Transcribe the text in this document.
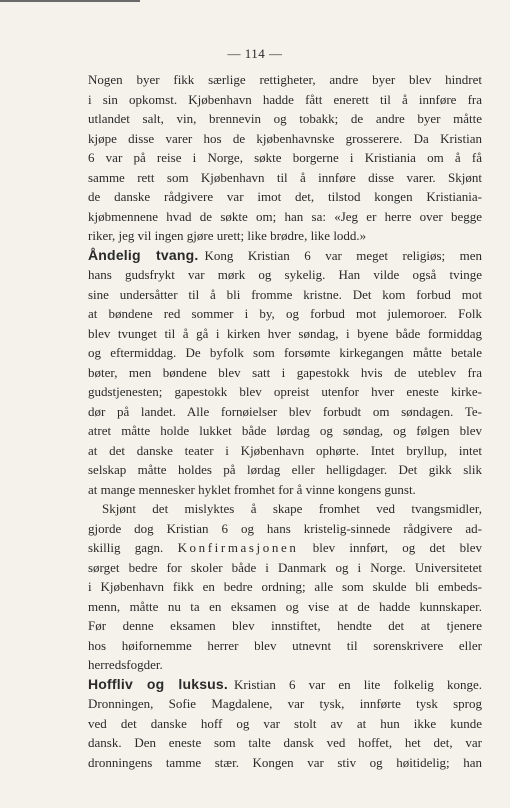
— 114 —
Nogen byer fikk særlige rettigheter, andre byer blev hindret
i sin opkomst. Kjøbenhavn hadde fått enerett til å innføre fra
utlandet salt, vin, brennevin og tobakk; de andre byer måtte
kjøpe disse varer hos de kjøbenhavnske grosserere. Da Kristian
6 var på reise i Norge, søkte borgerne i Kristiania om å få
samme rett som Kjøbenhavn til å innføre disse varer. Skjønt
de danske rådgivere var imot det, tilstod kongen Kristiania-
kjøbmennene hvad de søkte om; han sa: «Jeg er herre over begge
riker, jeg vil ingen gjøre urett; like brødre, like lodd.»
Åndelig tvang. Kong Kristian 6 var meget religiøs; men
hans gudsfrykt var mørk og sykelig. Han vilde også tvinge
sine undersåtter til å bli fromme kristne. Det kom forbud mot
at bøndene red sommer i by, og forbud mot julemoroer. Folk
blev tvunget til å gå i kirken hver søndag, i byene både formiddag
og eftermiddag. De byfolk som forsømte kirkegangen måtte betale
bøter, men bøndene blev satt i gapestokk hvis de uteblev fra
gudstjenesten; gapestokk blev opreist utenfor hver eneste kirke-
dør på landet. Alle fornøielser blev forbudt om søndagen. Te-
atret måtte holde lukket både lørdag og søndag, og følgen blev
at det danske teater i Kjøbenhavn ophørte. Intet bryllup, intet
selskap måtte holdes på lørdag eller helligdager. Det gikk slik
at mange mennesker hyklet fromhet for å vinne kongens gunst.
Skjønt det mislyktes å skape fromhet ved tvangsmidler,
gjorde dog Kristian 6 og hans kristelig-sinnede rådgivere ad-
skillig gagn. Konfirmasjonen blev innført, og det blev
sørget bedre for skoler både i Danmark og i Norge. Universitetet
i Kjøbenhavn fikk en bedre ordning; alle som skulde bli embeds-
menn, måtte nu ta en eksamen og vise at de hadde kunnskaper.
Før denne eksamen blev innstiftet, hendte det at tjenere
hos høifornemme herrer blev utnevnt til sorenskrivere eller
herredsfogder.
Hoffliv og luksus. Kristian 6 var en lite folkelig konge.
Dronningen, Sofie Magdalene, var tysk, innførte tysk sprog
ved det danske hoff og var stolt av at hun ikke kunde
dansk. Den eneste som talte dansk ved hoffet, het det, var
dronningens tamme stær. Kongen var stiv og høitidelig; han
